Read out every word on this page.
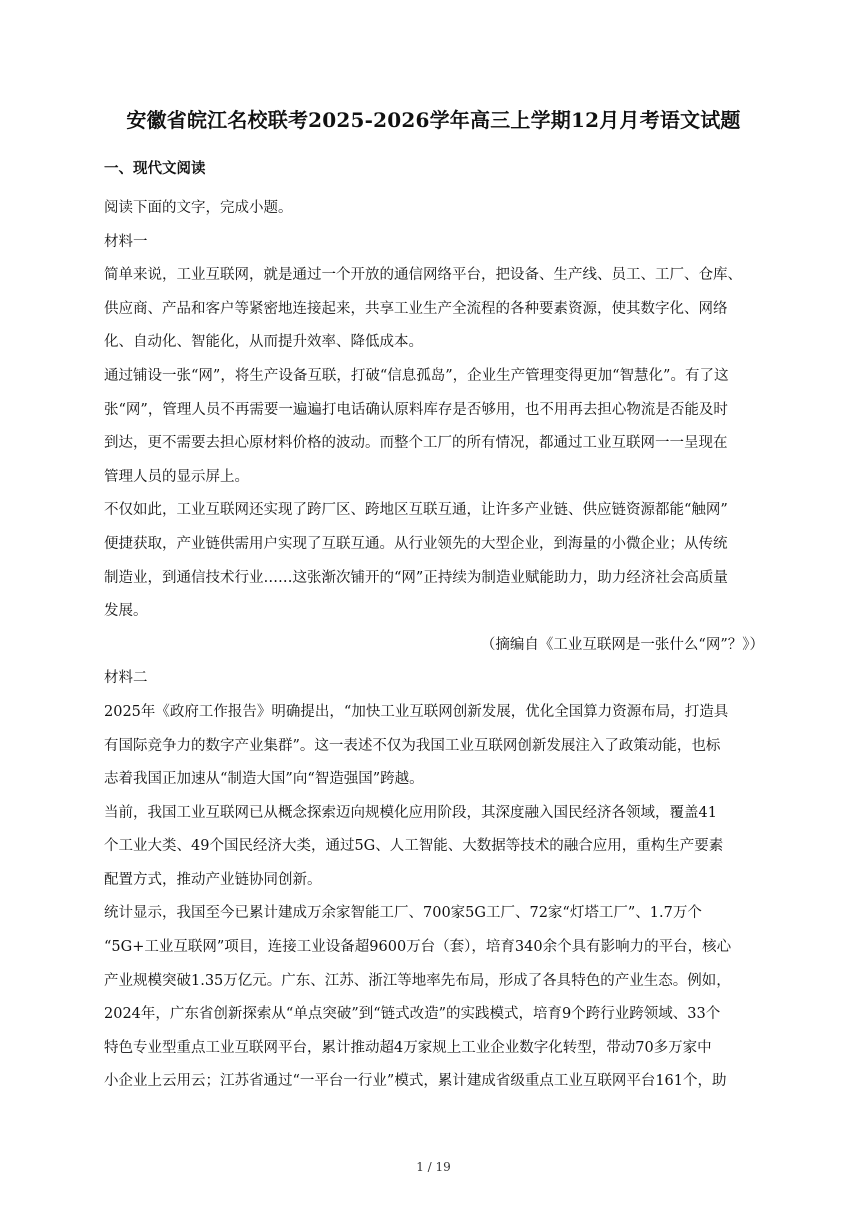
安徽省皖江名校联考2025-2026学年高三上学期12月月考语文试题
一、现代文阅读
阅读下面的文字，完成小题。
材料一
简单来说，工业互联网，就是通过一个开放的通信网络平台，把设备、生产线、员工、工厂、仓库、
供应商、产品和客户等紧密地连接起来，共享工业生产全流程的各种要素资源，使其数字化、网络
化、自动化、智能化，从而提升效率、降低成本。
通过铺设一张“网”，将生产设备互联，打破“信息孤岛”，企业生产管理变得更加“智慧化”。有了这
张“网”，管理人员不再需要一遍遍打电话确认原料库存是否够用，也不用再去担心物流是否能及时
到达，更不需要去担心原材料价格的波动。而整个工厂的所有情况，都通过工业互联网一一呈现在
管理人员的显示屏上。
不仅如此，工业互联网还实现了跨厂区、跨地区互联互通，让许多产业链、供应链资源都能“触网”
便捷获取，产业链供需用户实现了互联互通。从行业领先的大型企业，到海量的小微企业；从传统
制造业，到通信技术行业……这张渐次铺开的“网”正持续为制造业赋能助力，助力经济社会高质量
发展。
（摘编自《工业互联网是一张什么“网”？》）
材料二
2025年《政府工作报告》明确提出，“加快工业互联网创新发展，优化全国算力资源布局，打造具
有国际竞争力的数字产业集群”。这一表述不仅为我国工业互联网创新发展注入了政策动能，也标
志着我国正加速从“制造大国”向“智造强国”跨越。
当前，我国工业互联网已从概念探索迈向规模化应用阶段，其深度融入国民经济各领域，覆盖41
个工业大类、49个国民经济大类，通过5G、人工智能、大数据等技术的融合应用，重构生产要素
配置方式，推动产业链协同创新。
统计显示，我国至今已累计建成万余家智能工厂、700家5G工厂、72家“灯塔工厂”、1.7万个
“5G+工业互联网”项目，连接工业设备超9600万台（套），培育340余个具有影响力的平台，核心
产业规模突破1.35万亿元。广东、江苏、浙江等地率先布局，形成了各具特色的产业生态。例如，
2024年，广东省创新探索从“单点突破”到“链式改造”的实践模式，培育9个跨行业跨领域、33个
特色专业型重点工业互联网平台，累计推动超4万家规上工业企业数字化转型，带动70多万家中
小企业上云用云；江苏省通过“一平台一行业”模式，累计建成省级重点工业互联网平台161个，助
1 / 19
